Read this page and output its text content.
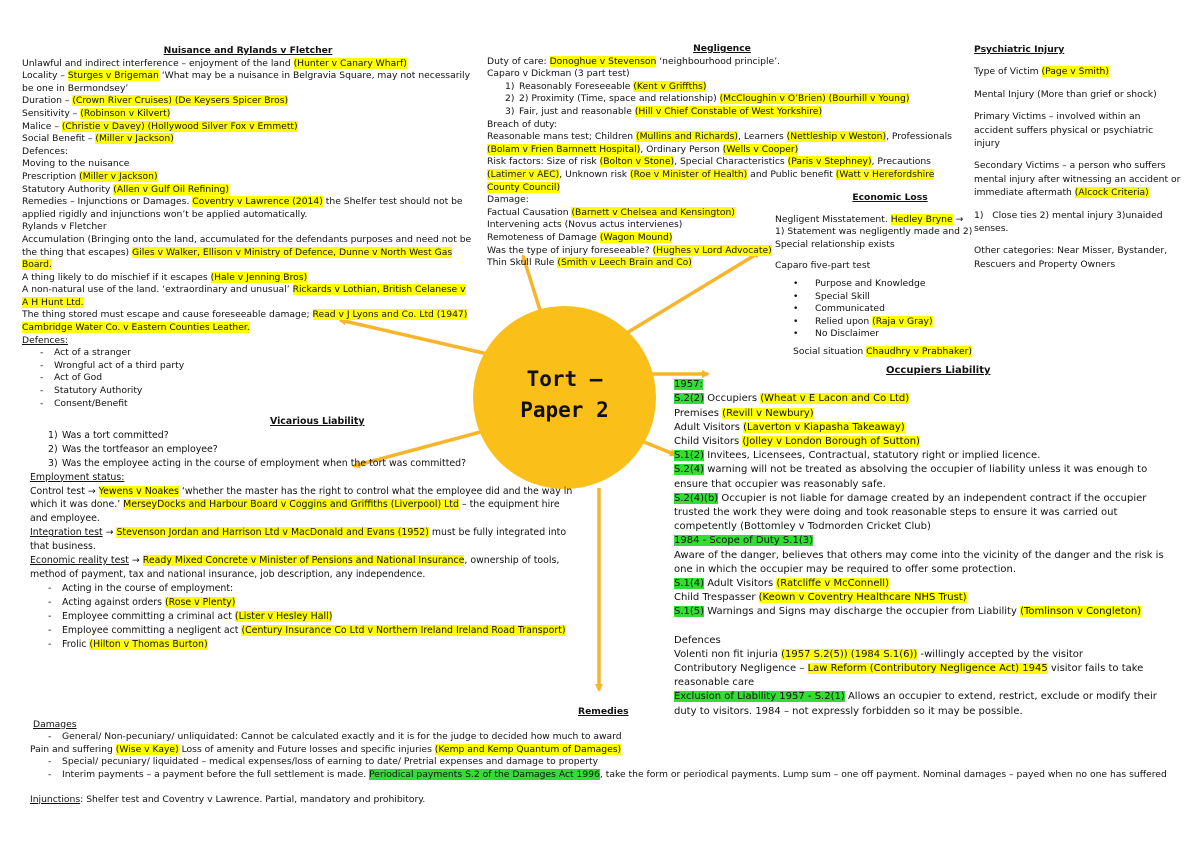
Tort – Paper 2

Nuisance and Rylands v Fletcher

Unlawful and indirect interference – enjoyment of the land (Hunter v Canary Wharf)

Locality – Sturges v Brigeman ‘What may be a nuisance in Belgravia Square, may not necessarily be one in Bermondsey’

Duration – (Crown River Cruises) (De Keysers Spicer Bros)

Sensitivity – (Robinson v Kilvert)

Malice – (Christie v Davey) (Hollywood Silver Fox v Emmett)

Social Benefit – (Miller v Jackson)

Defences:

Moving to the nuisance

Prescription (Miller v Jackson)

Statutory Authority (Allen v Gulf Oil Refining)

Remedies – Injunctions or Damages. Coventry v Lawrence (2014) the Shelfer test should not be applied rigidly and injunctions won’t be applied automatically.

Rylands v Fletcher

Accumulation (Bringing onto the land, accumulated for the defendants purposes and need not be the thing that escapes) Giles v Walker, Ellison v Ministry of Defence, Dunne v North West Gas Board.

A thing likely to do mischief if it escapes (Hale v Jenning Bros)

A non-natural use of the land. ‘extraordinary and unusual’ Rickards v Lothian, British Celanese v A H Hunt Ltd.

The thing stored must escape and cause foreseeable damage; Read v J Lyons and Co. Ltd (1947) Cambridge Water Co. v Eastern Counties Leather.

Defences:

- Act of a stranger

- Wrongful act of a third party

- Act of God

- Statutory Authority

- Consent/Benefit

Negligence

Duty of care: Donoghue v Stevenson ‘neighbourhood principle’.

Caparo v Dickman (3 part test)

1) Reasonably Foreseeable (Kent v Griffths)

2) 2) Proximity (Time, space and relationship) (McCloughin v O’Brien) (Bourhill v Young)

3) Fair, just and reasonable (Hill v Chief Constable of West Yorkshire)

Breach of duty:

Reasonable mans test; Children (Mullins and Richards), Learners (Nettleship v Weston), Professionals (Bolam v Frien Barnnett Hospital), Ordinary Person (Wells v Cooper)

Risk factors: Size of risk (Bolton v Stone), Special Characteristics (Paris v Stephney), Precautions (Latimer v AEC), Unknown risk (Roe v Minister of Health) and Public benefit (Watt v Herefordshire County Council)

Damage:

Factual Causation (Barnett v Chelsea and Kensington)

Intervening acts (Novus actus intervienes)

Remoteness of Damage (Wagon Mound)

Was the type of injury foreseeable? (Hughes v Lord Advocate)

Thin Skull Rule (Smith v Leech Brain and Co)

Psychiatric Injury

Type of Victim (Page v Smith)

Mental Injury (More than grief or shock)

Primary Victims – involved within an accident suffers physical or psychiatric injury

Secondary Victims – a person who suffers mental injury after witnessing an accident or immediate aftermath (Alcock Criteria)

1)   Close ties 2) mental injury 3)unaided senses.

Other categories: Near Misser, Bystander, Rescuers and Property Owners

Economic Loss

Negligent Misstatement. Hedley Bryne → 1) Statement was negligently made and 2) Special relationship exists

Caparo five-part test

• Purpose and Knowledge

• Special Skill

• Communicated

• Relied upon (Raja v Gray)

• No Disclaimer

Social situation Chaudhry v Prabhaker)

Occupiers Liability

1957:

S.2(2) Occupiers (Wheat v E Lacon and Co Ltd)

Premises (Revill v Newbury)

Adult Visitors (Laverton v Kiapasha Takeaway)

Child Visitors (Jolley v London Borough of Sutton)

S.1(2) Invitees, Licensees, Contractual, statutory right or implied licence.

S.2(4) warning will not be treated as absolving the occupier of liability unless it was enough to ensure that occupier was reasonably safe.

S.2(4)(b) Occupier is not liable for damage created by an independent contract if the occupier trusted the work they were doing and took reasonable steps to ensure it was carried out competently (Bottomley v Todmorden Cricket Club)

1984 - Scope of Duty S.1(3)

Aware of the danger, believes that others may come into the vicinity of the danger and the risk is one in which the occupier may be required to offer some protection.

S.1(4) Adult Visitors (Ratcliffe v McConnell)

Child Trespasser (Keown v Coventry Healthcare NHS Trust)

S.1(5) Warnings and Signs may discharge the occupier from Liability (Tomlinson v Congleton)

Defences

Volenti non fit injuria (1957 S.2(5)) (1984 S.1(6)) -willingly accepted by the visitor

Contributory Negligence – Law Reform (Contributory Negligence Act) 1945 visitor fails to take reasonable care

Exclusion of Liability 1957 - S.2(1) Allows an occupier to extend, restrict, exclude or modify their duty to visitors. 1984 – not expressly forbidden so it may be possible.

Vicarious Liability

1) Was a tort committed?

2) Was the tortfeasor an employee?

3) Was the employee acting in the course of employment when the tort was committed?

Employment status:

Control test → Yewens v Noakes ‘whether the master has the right to control what the employee did and the way in which it was done.’ MerseyDocks and Harbour Board v Coggins and Griffiths (Liverpool) Ltd – the equipment hire and employee.

Integration test → Stevenson Jordan and Harrison Ltd v MacDonald and Evans (1952) must be fully integrated into that business.

Economic reality test → Ready Mixed Concrete v Minister of Pensions and National Insurance, ownership of tools, method of payment, tax and national insurance, job description, any independence.

- Acting in the course of employment:

- Acting against orders (Rose v Plenty)

- Employee committing a criminal act (Lister v Hesley Hall)

- Employee committing a negligent act (Century Insurance Co Ltd v Northern Ireland Ireland Road Transport)

- Frolic (Hilton v Thomas Burton)

Remedies

Damages

- General/ Non-pecuniary/ unliquidated: Cannot be calculated exactly and it is for the judge to decided how much to award

Pain and suffering (Wise v Kaye) Loss of amenity and Future losses and specific injuries (Kemp and Kemp Quantum of Damages)

- Special/ pecuniary/ liquidated – medical expenses/loss of earning to date/ Pretrial expenses and damage to property

- Interim payments – a payment before the full settlement is made. Periodical payments S.2 of the Damages Act 1996, take the form or periodical payments. Lump sum – one off payment. Nominal damages – payed when no one has suffered

Injunctions: Shelfer test and Coventry v Lawrence. Partial, mandatory and prohibitory.
